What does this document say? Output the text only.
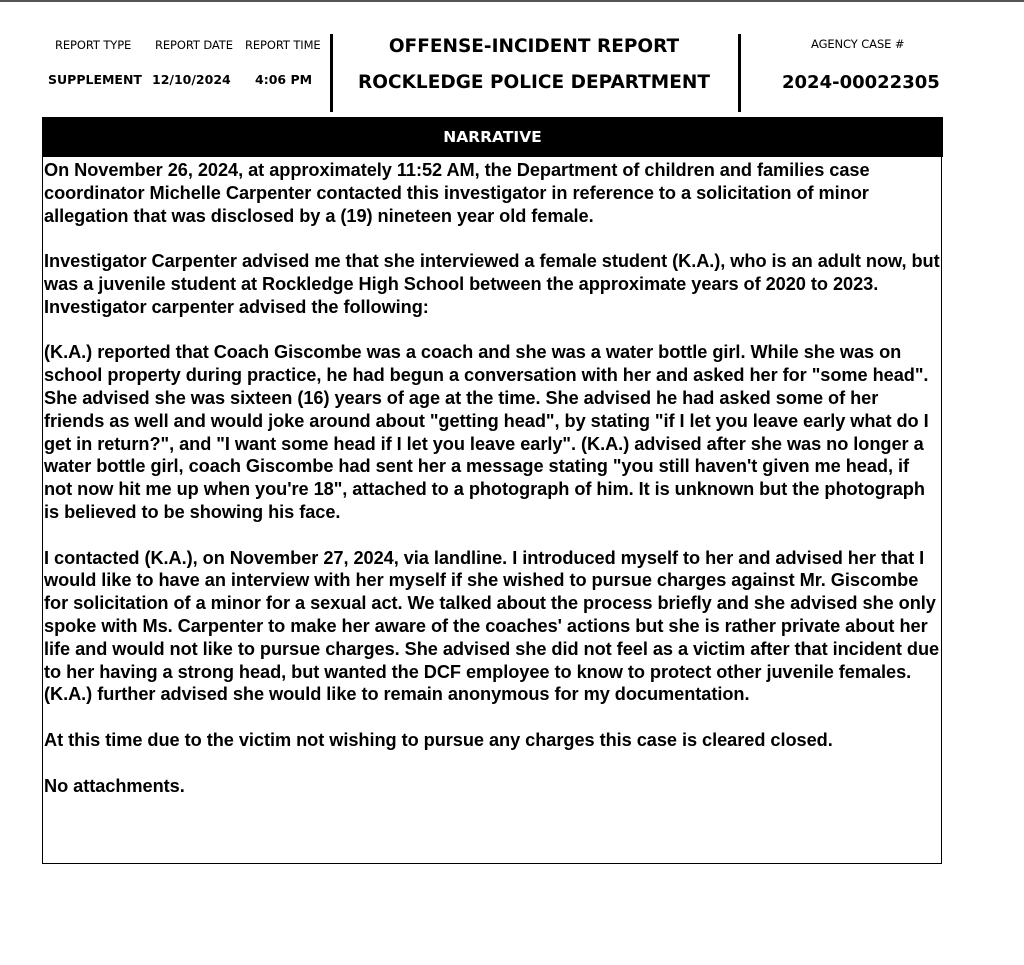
REPORT TYPE REPORT DATE REPORT TIME
SUPPLEMENT 12/10/2024 4:06 PM
OFFENSE-INCIDENT REPORT
ROCKLEDGE POLICE DEPARTMENT
AGENCY CASE #
2024-00022305
NARRATIVE

On November 26, 2024, at approximately 11:52 AM, the Department of children and families case coordinator Michelle Carpenter contacted this investigator in reference to a solicitation of minor allegation that was disclosed by a (19) nineteen year old female.

Investigator Carpenter advised me that she interviewed a female student (K.A.), who is an adult now, but was a juvenile student at Rockledge High School between the approximate years of 2020 to 2023. Investigator carpenter advised the following:

(K.A.) reported that Coach Giscombe was a coach and she was a water bottle girl. While she was on school property during practice, he had begun a conversation with her and asked her for "some head". She advised she was sixteen (16) years of age at the time. She advised he had asked some of her friends as well and would joke around about "getting head", by stating "if I let you leave early what do I get in return?", and "I want some head if I let you leave early". (K.A.) advised after she was no longer a water bottle girl, coach Giscombe had sent her a message stating "you still haven't given me head, if not now hit me up when you're 18", attached to a photograph of him. It is unknown but the photograph is believed to be showing his face.

I contacted (K.A.), on November 27, 2024, via landline. I introduced myself to her and advised her that I would like to have an interview with her myself if she wished to pursue charges against Mr. Giscombe for solicitation of a minor for a sexual act. We talked about the process briefly and she advised she only spoke with Ms. Carpenter to make her aware of the coaches' actions but she is rather private about her life and would not like to pursue charges. She advised she did not feel as a victim after that incident due to her having a strong head, but wanted the DCF employee to know to protect other juvenile females. (K.A.) further advised she would like to remain anonymous for my documentation.

At this time due to the victim not wishing to pursue any charges this case is cleared closed.

No attachments.
